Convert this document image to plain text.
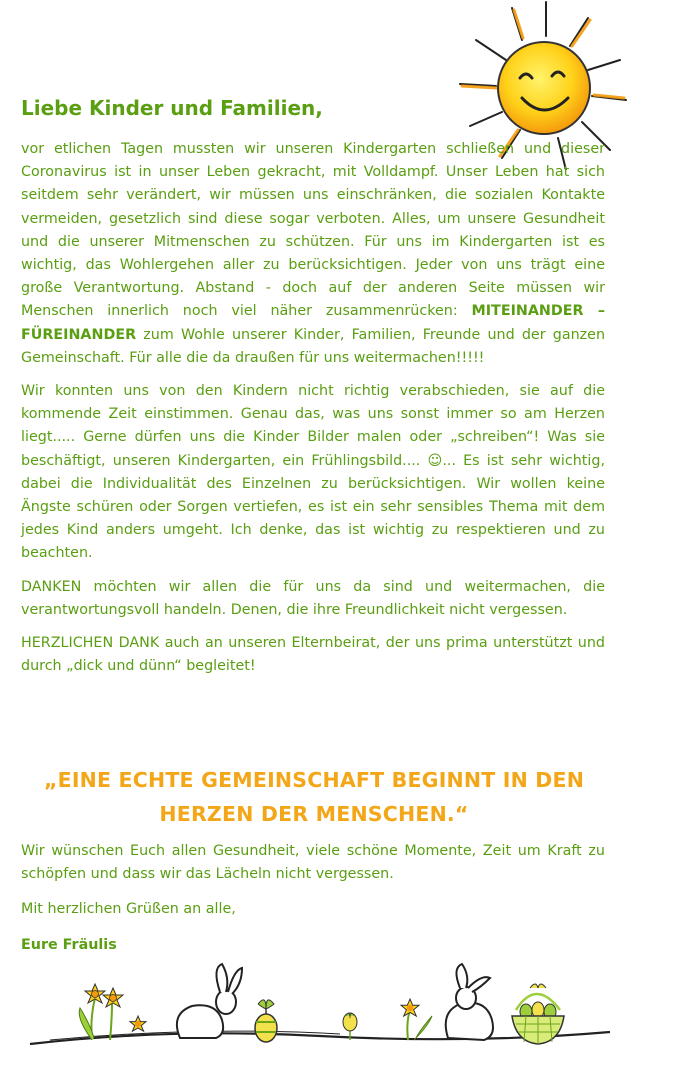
Liebe Kinder und Familien,

vor etlichen Tagen mussten wir unseren Kindergarten schließen und dieser Coronavirus ist in unser Leben gekracht, mit Volldampf. Unser Leben hat sich seitdem sehr verändert, wir müssen uns einschränken, die sozialen Kontakte vermeiden, gesetzlich sind diese sogar verboten. Alles, um unsere Gesundheit und die unserer Mitmenschen zu schützen. Für uns im Kindergarten ist es wichtig, das Wohlergehen aller zu berücksichtigen. Jeder von uns trägt eine große Verantwortung. Abstand - doch auf der anderen Seite müssen wir Menschen innerlich noch viel näher zusammenrücken: MITEINANDER – FÜREINANDER zum Wohle unserer Kinder, Familien, Freunde und der ganzen Gemeinschaft. Für alle die da draußen für uns weitermachen!!!!!

Wir konnten uns von den Kindern nicht richtig verabschieden, sie auf die kommende Zeit einstimmen. Genau das, was uns sonst immer so am Herzen liegt..... Gerne dürfen uns die Kinder Bilder malen oder „schreiben“! Was sie beschäftigt, unseren Kindergarten, ein Frühlingsbild.... ☺... Es ist sehr wichtig, dabei die Individualität des Einzelnen zu berücksichtigen. Wir wollen keine Ängste schüren oder Sorgen vertiefen, es ist ein sehr sensibles Thema mit dem jedes Kind anders umgeht. Ich denke, das ist wichtig zu respektieren und zu beachten.

DANKEN möchten wir allen die für uns da sind und weitermachen, die verantwortungsvoll handeln. Denen, die ihre Freundlichkeit nicht vergessen.

HERZLICHEN DANK auch an unseren Elternbeirat, der uns prima unterstützt und durch „dick und dünn“ begleitet!

„EINE ECHTE GEMEINSCHAFT BEGINNT IN DEN
HERZEN DER MENSCHEN.“

Wir wünschen Euch allen Gesundheit, viele schöne Momente, Zeit um Kraft zu schöpfen und dass wir das Lächeln nicht vergessen.

Mit herzlichen Grüßen an alle,

Eure Fräulis
